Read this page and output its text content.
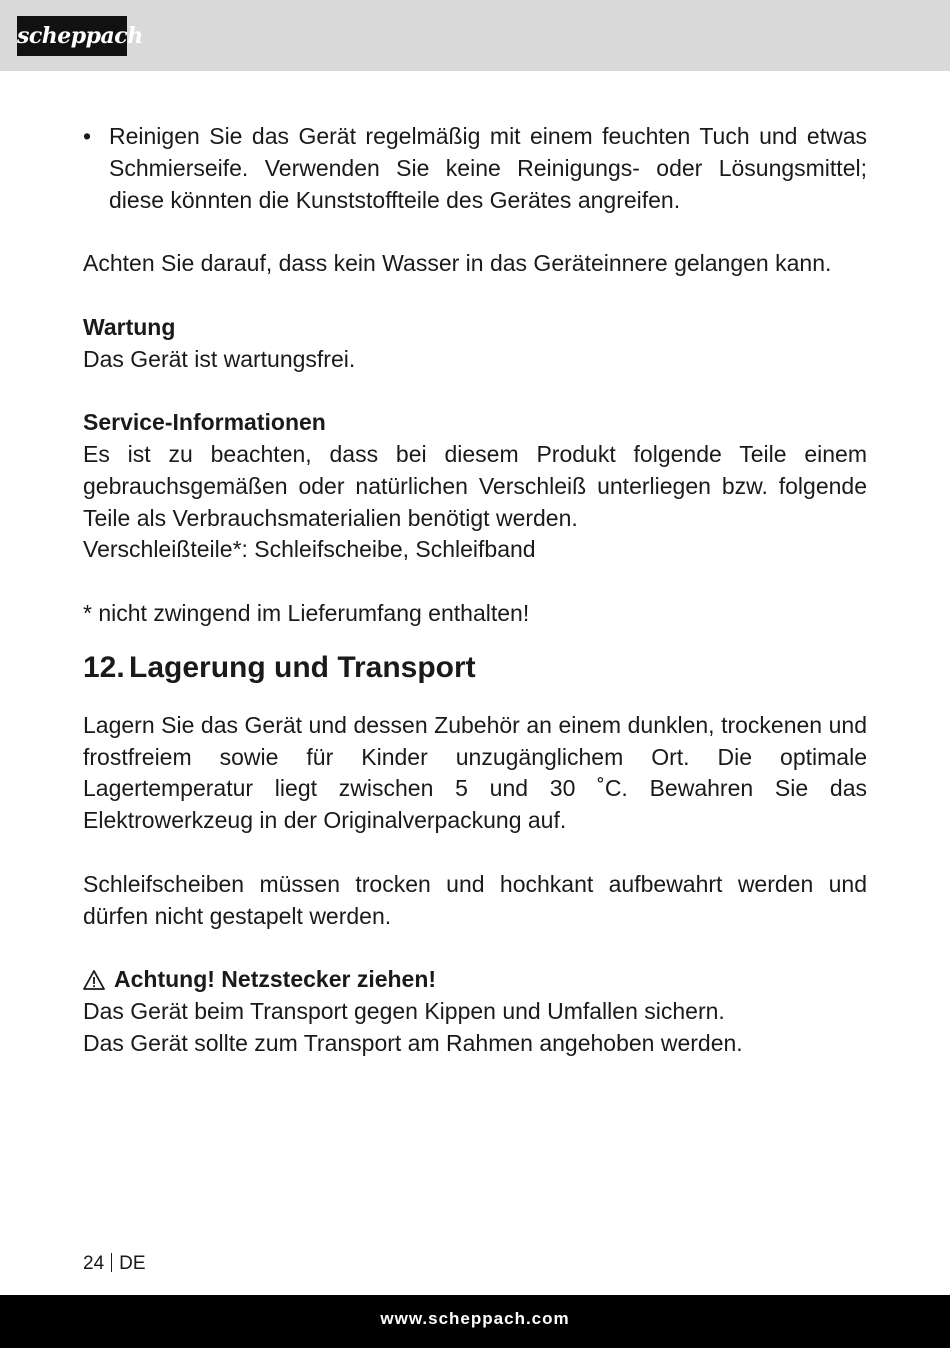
scheppach
• Reinigen Sie das Gerät regelmäßig mit einem feuchten Tuch und etwas Schmierseife. Verwenden Sie keine Reinigungs- oder Lösungsmittel; diese könnten die Kunststoffteile des Gerätes angreifen.

Achten Sie darauf, dass kein Wasser in das Geräteinnere gelangen kann.

Wartung

Das Gerät ist wartungsfrei.

Service-Informationen

Es ist zu beachten, dass bei diesem Produkt folgende Teile einem gebrauchsgemäßen oder natürlichen Verschleiß unterliegen bzw. folgende Teile als Verbrauchsmaterialien benötigt werden.

Verschleißteile*: Schleifscheibe, Schleifband

* nicht zwingend im Lieferumfang enthalten!

12. Lagerung und Transport

Lagern Sie das Gerät und dessen Zubehör an einem dunklen, trockenen und frostfreiem sowie für Kinder unzugänglichem Ort. Die optimale Lagertemperatur liegt zwischen 5 und 30 ˚C. Bewahren Sie das Elektrowerkzeug in der Originalverpackung auf.

Schleifscheiben müssen trocken und hochkant aufbewahrt werden und dürfen nicht gestapelt werden.

Achtung! Netzstecker ziehen!

Das Gerät beim Transport gegen Kippen und Umfallen sichern.

Das Gerät sollte zum Transport am Rahmen angehoben werden.

24 DE
www.scheppach.com
